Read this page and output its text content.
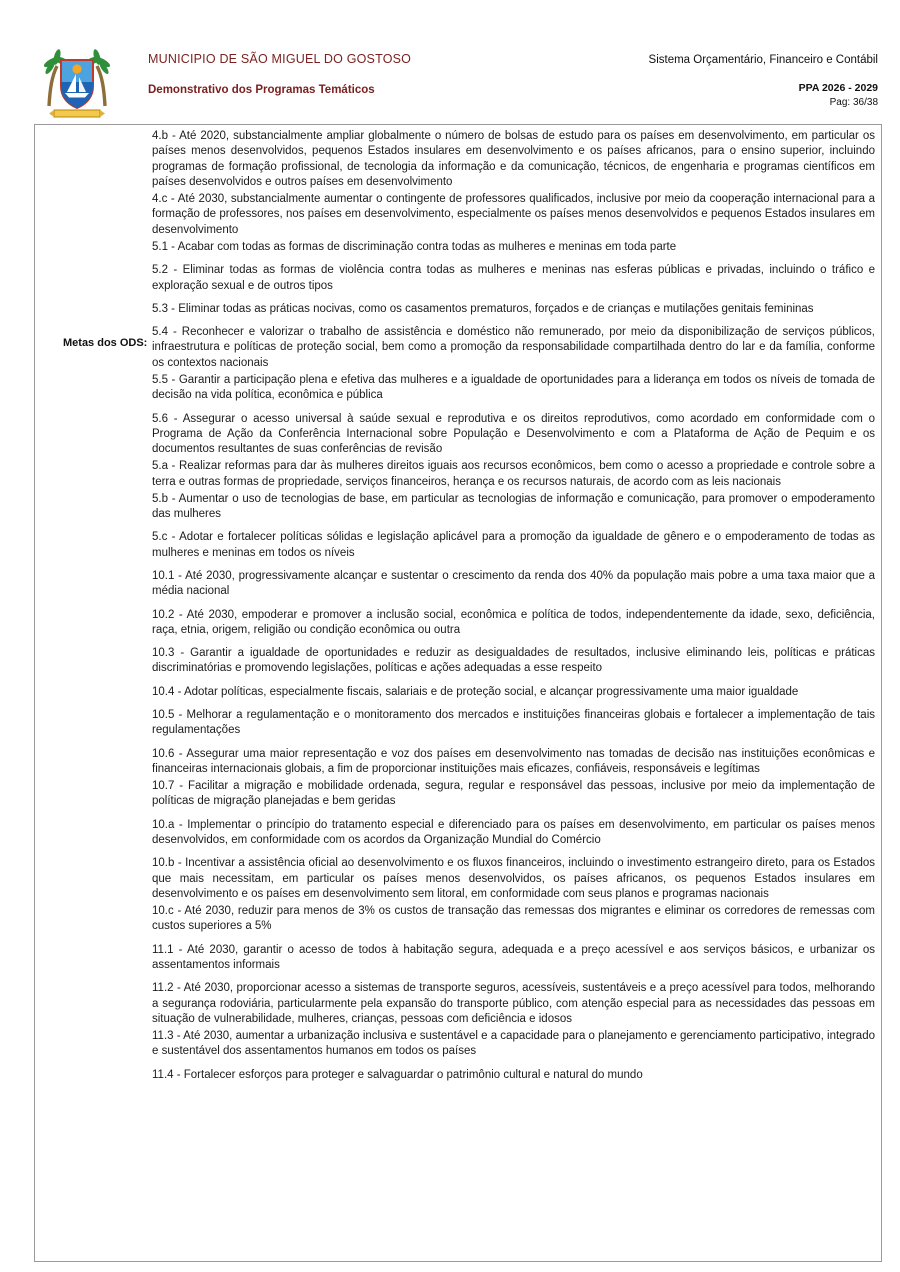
MUNICIPIO DE SÃO MIGUEL DO GOSTOSO	Sistema Orçamentário, Financeiro e Contábil
Demonstrativo dos Programas Temáticos	PPA 2026 - 2029
Pag: 36/38
Metas dos ODS:

4.b - Até 2020, substancialmente ampliar globalmente o número de bolsas de estudo para os países em desenvolvimento, em particular os países menos desenvolvidos, pequenos Estados insulares em desenvolvimento e os países africanos, para o ensino superior, incluindo programas de formação profissional, de tecnologia da informação e da comunicação, técnicos, de engenharia e programas científicos em países desenvolvidos e outros países em desenvolvimento

4.c - Até 2030, substancialmente aumentar o contingente de professores qualificados, inclusive por meio da cooperação internacional para a formação de professores, nos países em desenvolvimento, especialmente os países menos desenvolvidos e pequenos Estados insulares em desenvolvimento

5.1 - Acabar com todas as formas de discriminação contra todas as mulheres e meninas em toda parte

5.2 - Eliminar todas as formas de violência contra todas as mulheres e meninas nas esferas públicas e privadas, incluindo o tráfico e exploração sexual e de outros tipos

5.3 - Eliminar todas as práticas nocivas, como os casamentos prematuros, forçados e de crianças e mutilações genitais femininas

5.4 - Reconhecer e valorizar o trabalho de assistência e doméstico não remunerado, por meio da disponibilização de serviços públicos, infraestrutura e políticas de proteção social, bem como a promoção da responsabilidade compartilhada dentro do lar e da família, conforme os contextos nacionais

5.5 - Garantir a participação plena e efetiva das mulheres e a igualdade de oportunidades para a liderança em todos os níveis de tomada de decisão na vida política, econômica e pública

5.6 - Assegurar o acesso universal à saúde sexual e reprodutiva e os direitos reprodutivos, como acordado em conformidade com o Programa de Ação da Conferência Internacional sobre População e Desenvolvimento e com a Plataforma de Ação de Pequim e os documentos resultantes de suas conferências de revisão

5.a - Realizar reformas para dar às mulheres direitos iguais aos recursos econômicos, bem como o acesso a propriedade e controle sobre a terra e outras formas de propriedade, serviços financeiros, herança e os recursos naturais, de acordo com as leis nacionais

5.b - Aumentar o uso de tecnologias de base, em particular as tecnologias de informação e comunicação, para promover o empoderamento das mulheres

5.c - Adotar e fortalecer políticas sólidas e legislação aplicável para a promoção da igualdade de gênero e o empoderamento de todas as mulheres e meninas em todos os níveis

10.1 - Até 2030, progressivamente alcançar e sustentar o crescimento da renda dos 40% da população mais pobre a uma taxa maior que a média nacional

10.2 - Até 2030, empoderar e promover a inclusão social, econômica e política de todos, independentemente da idade, sexo, deficiência, raça, etnia, origem, religião ou condição econômica ou outra

10.3 - Garantir a igualdade de oportunidades e reduzir as desigualdades de resultados, inclusive eliminando leis, políticas e práticas discriminatórias e promovendo legislações, políticas e ações adequadas a esse respeito

10.4 - Adotar políticas, especialmente fiscais, salariais e de proteção social, e alcançar progressivamente uma maior igualdade

10.5 - Melhorar a regulamentação e o monitoramento dos mercados e instituições financeiras globais e fortalecer a implementação de tais regulamentações

10.6 - Assegurar uma maior representação e voz dos países em desenvolvimento nas tomadas de decisão nas instituições econômicas e financeiras internacionais globais, a fim de proporcionar instituições mais eficazes, confiáveis, responsáveis e legítimas

10.7 - Facilitar a migração e mobilidade ordenada, segura, regular e responsável das pessoas, inclusive por meio da implementação de políticas de migração planejadas e bem geridas

10.a - Implementar o princípio do tratamento especial e diferenciado para os países em desenvolvimento, em particular os países menos desenvolvidos, em conformidade com os acordos da Organização Mundial do Comércio

10.b - Incentivar a assistência oficial ao desenvolvimento e os fluxos financeiros, incluindo o investimento estrangeiro direto, para os Estados que mais necessitam, em particular os países menos desenvolvidos, os países africanos, os pequenos Estados insulares em desenvolvimento e os países em desenvolvimento sem litoral, em conformidade com seus planos e programas nacionais

10.c - Até 2030, reduzir para menos de 3% os custos de transação das remessas dos migrantes e eliminar os corredores de remessas com custos superiores a 5%

11.1 - Até 2030, garantir o acesso de todos à habitação segura, adequada e a preço acessível e aos serviços básicos, e urbanizar os assentamentos informais

11.2 - Até 2030, proporcionar acesso a sistemas de transporte seguros, acessíveis, sustentáveis e a preço acessível para todos, melhorando a segurança rodoviária, particularmente pela expansão do transporte público, com atenção especial para as necessidades das pessoas em situação de vulnerabilidade, mulheres, crianças, pessoas com deficiência e idosos

11.3 - Até 2030, aumentar a urbanização inclusiva e sustentável e a capacidade para o planejamento e gerenciamento participativo, integrado e sustentável dos assentamentos humanos em todos os países

11.4 - Fortalecer esforços para proteger e salvaguardar o patrimônio cultural e natural do mundo
